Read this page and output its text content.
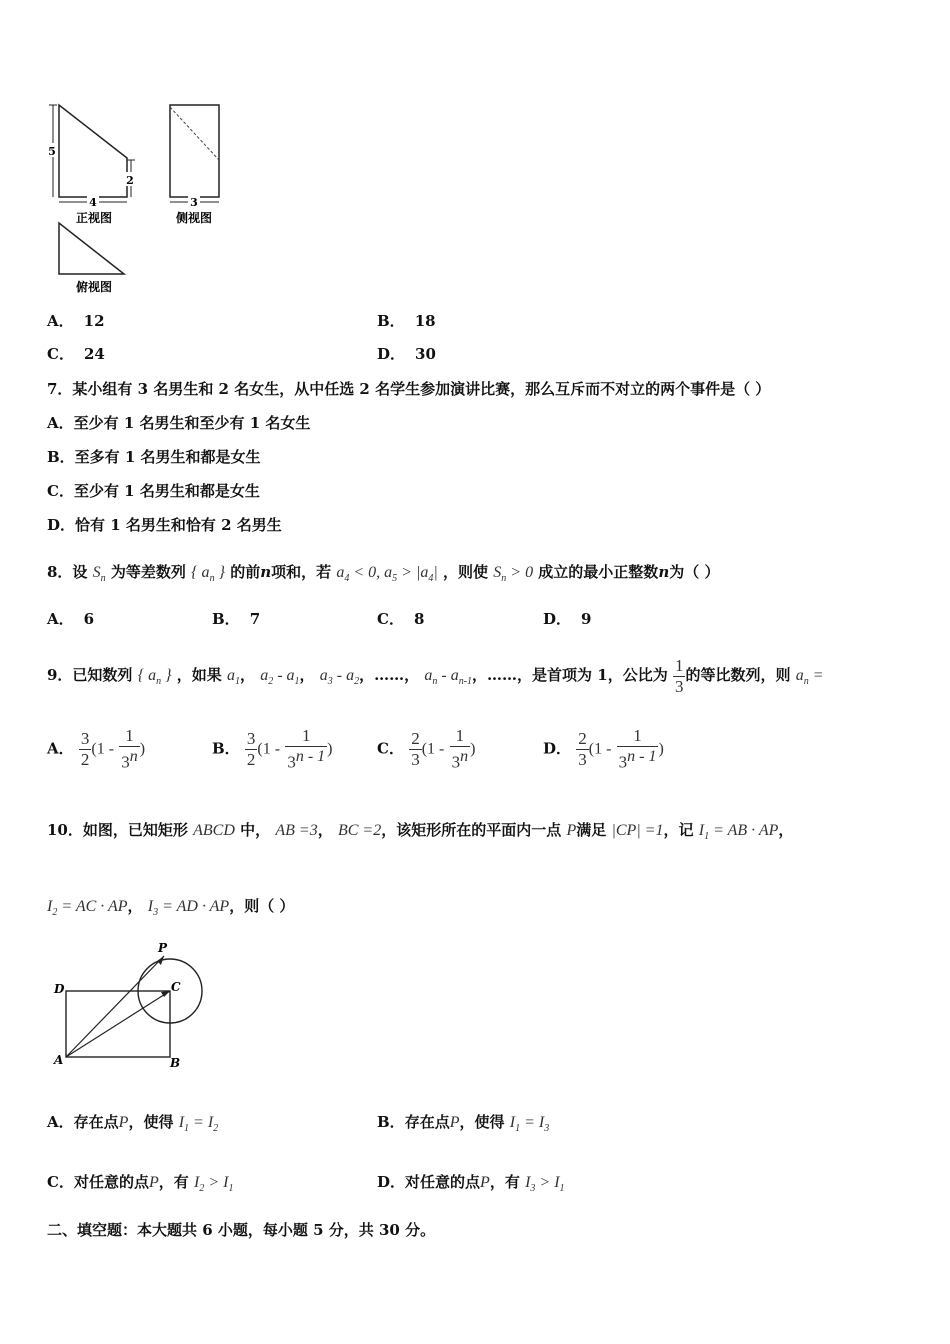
5
2
4
正视图
3
侧视图
俯视图
A． 12	B． 18
C． 24	D． 30
7．某小组有 3 名男生和 2 名女生，从中任选 2 名学生参加演讲比赛，那么互斥而不对立的两个事件是（ ）
A．至少有 1 名男生和至少有 1 名女生
B．至多有 1 名男生和都是女生
C．至少有 1 名男生和都是女生
D．恰有 1 名男生和恰有 2 名男生
8．设 $S_n$ 为等差数列 { $a_n$ } 的前n项和，若 $a_4 < 0$, $a_5 > |a_4|$ ，则使 $S_n > 0$ 成立的最小正整数n为（ ）
A． 6	B． 7	C． 8	D． 9
9．已知数列 { $a_n$ } ，如果 $a_1$， $a_2 - a_1$， $a_3 - a_2$，……， $a_n - a_{n-1}$，……，是首项为 1，公比为 $\frac{1}{3}$ 的等比数列，则 $a_n$ =
A． $\frac{3}{2} (1 - \frac{1}{3^n}$ )	B． $\frac{3}{2} (1 - \frac{1}{3^{n - 1}}$ )	C． $\frac{2}{3} (1 - \frac{1}{3^n}$ )	D． $\frac{2}{3} (1 - \frac{1}{3^{n - 1}}$ )
10．如图，已知矩形 ABCD 中， AB =3， BC =2，该矩形所在的平面内一点 P满足 |CP| =1，记 $I_1$ = AB · AP，
$I_2$ = AC · AP， $I_3$ = AD · AP，则（ ）
P
C
D
A	B
A．存在点P，使得 $I_1 = I_2$	B．存在点P，使得 $I_1 = I_3$
C．对任意的点P，有 $I_2 > I_1$	D．对任意的点P，有 $I_3 > I_1$
二、填空题：本大题共 6 小题，每小题 5 分，共 30 分。
